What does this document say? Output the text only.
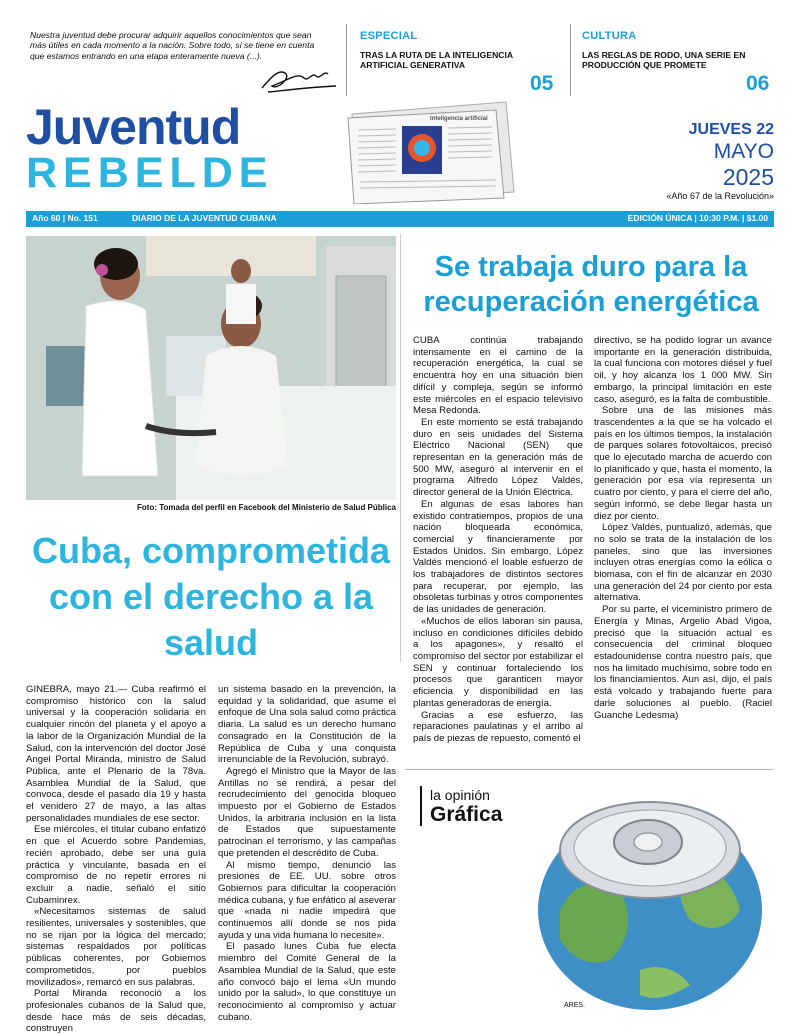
Nuestra juventud debe procurar adquirir aquellos conocimientos que sean más útiles en cada momento a la nación. Sobre todo, si se tiene en cuenta que estamos entrando en una etapa enteramente nueva (...).
ESPECIAL
TRAS LA RUTA DE LA INTELIGENCIA ARTIFICIAL GENERATIVA
05
CULTURA
LAS REGLAS DE RODO, UNA SERIE EN PRODUCCIÓN QUE PROMETE
06
Juventud
REBELDE
Inteligencia artificial
JUEVES 22
MAYO
2025
«Año 67 de la Revolución»
Año 60 | No. 151	DIARIO DE LA JUVENTUD CUBANA	EDICIÓN ÚNICA | 10:30 P.M. | $1.00
Foto: Tomada del perfil en Facebook del Ministerio de Salud Pública
Cuba, comprometida con el derecho a la salud

GINEBRA, mayo 21.— Cuba reafirmó el compromiso histórico con la salud universal y la cooperación solidaria en cualquier rincón del planeta y el apoyo a la labor de la Organización Mundial de la Salud, con la intervención del doctor José Angel Portal Miranda, ministro de Salud Pública, ante el Plenario de la 78va. Asamblea Mundial de la Salud, que convoca, desde el pasado día 19 y hasta el venidero 27 de mayo, a las altas personalidades mundiales de ese sector.

Ese miércoles, el titular cubano enfatizó en que el Acuerdo sobre Pandemias, recién aprobado, debe ser una guía práctica y vinculante, basada en el compromiso de no repetir errores ni excluir a nadie, señaló el sitio Cubaminrex.

«Necesitamos sistemas de salud resilientes, universales y sostenibles, que no se rijan por la lógica del mercado; sistemas respaldados por políticas públicas coherentes, por Gobiernos comprometidos, por pueblos movilizados», remarcó en sus palabras.

Portal Miranda reconoció a los profesionales cubanos de la Salud que, desde hace más de seis décadas, construyen

un sistema basado en la prevención, la equidad y la solidaridad, que asume el enfoque de Una sola salud como práctica diaria. La salud es un derecho humano consagrado en la Constitución de la República de Cuba y una conquista irrenunciable de la Revolución, subrayó.

Agregó el Ministro que la Mayor de las Antillas no se rendirá, a pesar del recrudecimiento del genocida bloqueo impuesto por el Gobierno de Estados Unidos, la arbitraria inclusión en la lista de Estados que supuestamente patrocinan el terrorismo, y las campañas que pretenden el descrédito de Cuba.

Al mismo tiempo, denunció las presiones de EE. UU. sobre otros Gobiernos para dificultar la cooperación médica cubana, y fue enfático al aseverar que «nada ni nadie impedirá que continuemos allí donde se nos pida ayuda y una vida humana lo necesite».

El pasado lunes Cuba fue electa miembro del Comité General de la Asamblea Mundial de la Salud, que este año convocó bajo el lema «Un mundo unido por la salud», lo que constituye un reconocimiento al compromiso y actuar cubano.

Se trabaja duro para la recuperación energética

CUBA continúa trabajando intensamente en el camino de la recuperación energética, la cual se encuentra hoy en una situación bien difícil y compleja, según se informó este miércoles en el espacio televisivo Mesa Redonda.

En este momento se está trabajando duro en seis unidades del Sistema Eléctrico Nacional (SEN) que representan en la generación más de 500 MW, aseguró al intervenir en el programa Alfredo López Valdés, director general de la Unión Eléctrica.

En algunas de esas labores han existido contratiempos, propios de una nación bloqueada económica, comercial y financieramente por Estados Unidos. Sin embargo, López Valdés mencionó el loable esfuerzo de los trabajadores de distintos sectores para recuperar, por ejemplo, las obsoletas turbinas y otros componentes de las unidades de generación.

«Muchos de ellos laboran sin pausa, incluso en condiciones difíciles debido a los apagones», y resaltó el compromiso del sector por estabilizar el SEN y continuar fortaleciendo los procesos que garanticen mayor eficiencia y disponibilidad en las plantas generadoras de energía.

Gracias a ese esfuerzo, las reparaciones paulatinas y el arribo al país de piezas de repuesto, comentó el

directivo, se ha podido lograr un avance importante en la generación distribuida, la cual funciona con motores diésel y fuel oil, y hoy alcanza los 1 000 MW. Sin embargo, la principal limitación en este caso, aseguró, es la falta de combustible.

Sobre una de las misiones más trascendentes a la que se ha volcado el país en los últimos tiempos, la instalación de parques solares fotovoltaicos, precisó que lo ejecutado marcha de acuerdo con lo planificado y que, hasta el momento, la generación por esa vía representa un cuatro por ciento, y para el cierre del año, según informó, se debe llegar hasta un diez por ciento.

López Valdés, puntualizó, además, que no solo se trata de la instalación de los paneles, sino que las inversiones incluyen otras energías como la eólica o biomasa, con el fin de alcanzar en 2030 una generación del 24 por ciento por esta alternativa.

Por su parte, el viceministro primero de Energía y Minas, Argelio Abad Vigoa, precisó que la situación actual es consecuencia del criminal bloqueo estadounidense contra nuestro país, que nos ha limitado muchísimo, sobre todo en los financiamientos. Aun así, dijo, el país está volcado y trabajando fuerte para darle soluciones al pueblo. (Raciel Guanche Ledesma)

la opinión
Gráfica
ARES.
